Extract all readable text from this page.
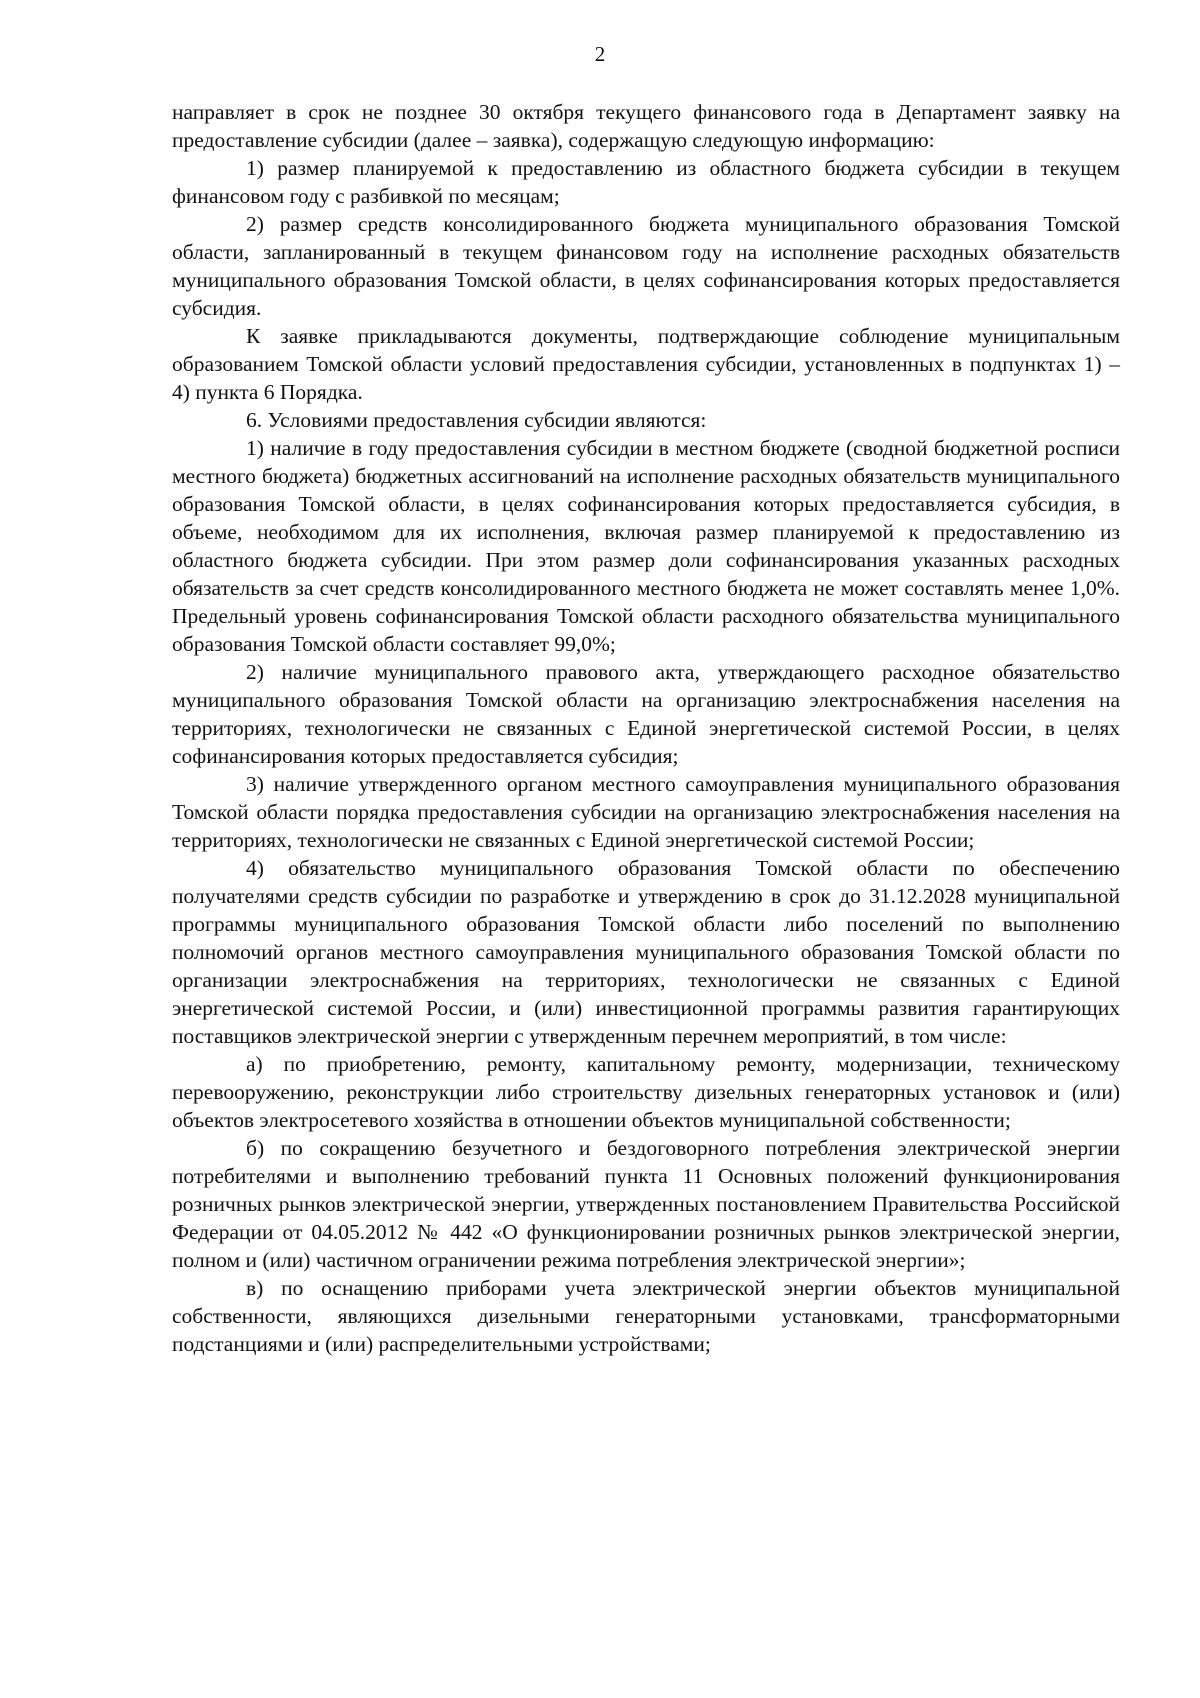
2

направляет в срок не позднее 30 октября текущего финансового года в Департамент заявку на предоставление субсидии (далее – заявка), содержащую следующую информацию:

1) размер планируемой к предоставлению из областного бюджета субсидии в текущем финансовом году с разбивкой по месяцам;

2) размер средств консолидированного бюджета муниципального образования Томской области, запланированный в текущем финансовом году на исполнение расходных обязательств муниципального образования Томской области, в целях софинансирования которых предоставляется субсидия.

К заявке прикладываются документы, подтверждающие соблюдение муниципальным образованием Томской области условий предоставления субсидии, установленных в подпунктах 1) – 4) пункта 6 Порядка.

6. Условиями предоставления субсидии являются:

1) наличие в году предоставления субсидии в местном бюджете (сводной бюджетной росписи местного бюджета) бюджетных ассигнований на исполнение расходных обязательств муниципального образования Томской области, в целях софинансирования которых предоставляется субсидия, в объеме, необходимом для их исполнения, включая размер планируемой к предоставлению из областного бюджета субсидии. При этом размер доли софинансирования указанных расходных обязательств за счет средств консолидированного местного бюджета не может составлять менее 1,0%. Предельный уровень софинансирования Томской области расходного обязательства муниципального образования Томской области составляет 99,0%;

2) наличие муниципального правового акта, утверждающего расходное обязательство муниципального образования Томской области на организацию электроснабжения населения на территориях, технологически не связанных с Единой энергетической системой России, в целях софинансирования которых предоставляется субсидия;

3) наличие утвержденного органом местного самоуправления муниципального образования Томской области порядка предоставления субсидии на организацию электроснабжения населения на территориях, технологически не связанных с Единой энергетической системой России;

4) обязательство муниципального образования Томской области по обеспечению получателями средств субсидии по разработке и утверждению в срок до 31.12.2028 муниципальной программы муниципального образования Томской области либо поселений по выполнению полномочий органов местного самоуправления муниципального образования Томской области по организации электроснабжения на территориях, технологически не связанных с Единой энергетической системой России, и (или) инвестиционной программы развития гарантирующих поставщиков электрической энергии с утвержденным перечнем мероприятий, в том числе:

а) по приобретению, ремонту, капитальному ремонту, модернизации, техническому перевооружению, реконструкции либо строительству дизельных генераторных установок и (или) объектов электросетевого хозяйства в отношении объектов муниципальной собственности;

б) по сокращению безучетного и бездоговорного потребления электрической энергии потребителями и выполнению требований пункта 11 Основных положений функционирования розничных рынков электрической энергии, утвержденных постановлением Правительства Российской Федерации от 04.05.2012 № 442 «О функционировании розничных рынков электрической энергии, полном и (или) частичном ограничении режима потребления электрической энергии»;

в) по оснащению приборами учета электрической энергии объектов муниципальной собственности, являющихся дизельными генераторными установками, трансформаторными подстанциями и (или) распределительными устройствами;
